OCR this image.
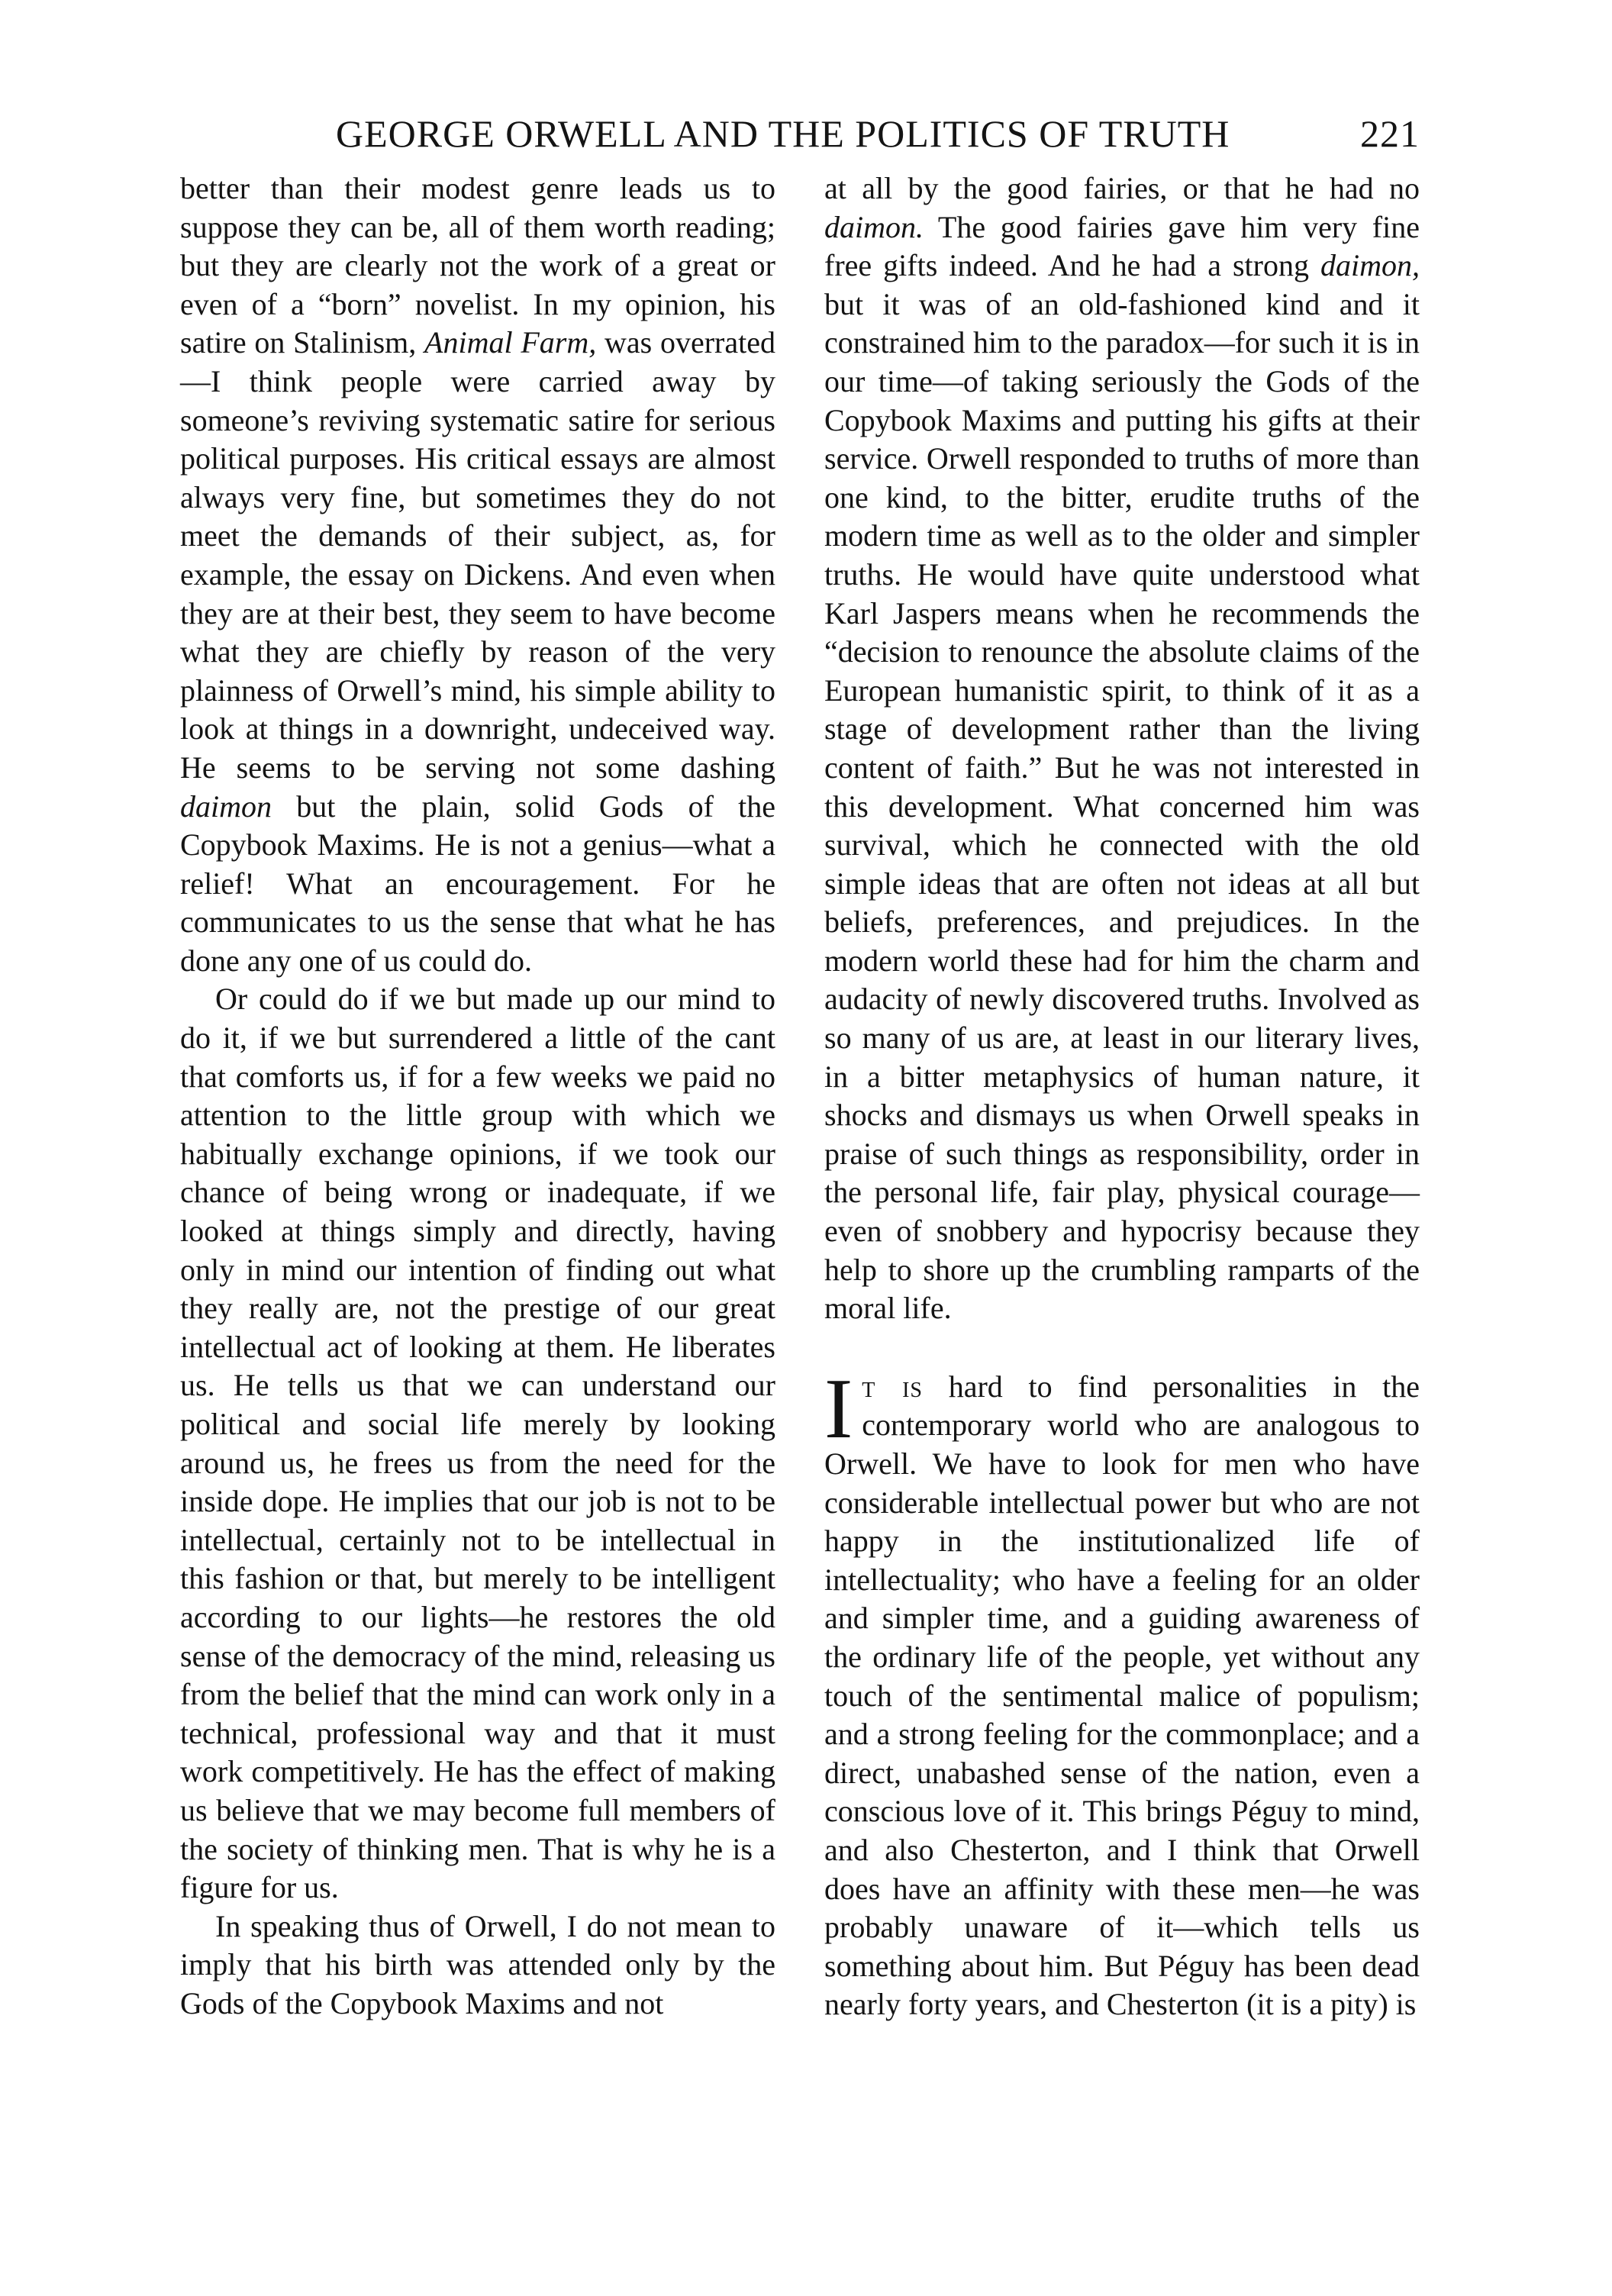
GEORGE ORWELL AND THE POLITICS OF TRUTH	221

better than their modest genre leads us to suppose they can be, all of them worth reading; but they are clearly not the work of a great or even of a “born” novelist. In my opinion, his satire on Stalinism, Animal Farm, was overrated—I think people were carried away by someone’s reviving systematic satire for serious political purposes. His critical essays are almost always very fine, but sometimes they do not meet the demands of their subject, as, for example, the essay on Dickens. And even when they are at their best, they seem to have become what they are chiefly by reason of the very plainness of Orwell’s mind, his simple ability to look at things in a downright, undeceived way. He seems to be serving not some dashing daimon but the plain, solid Gods of the Copybook Maxims. He is not a genius—what a relief! What an encouragement. For he communicates to us the sense that what he has done any one of us could do.

Or could do if we but made up our mind to do it, if we but surrendered a little of the cant that comforts us, if for a few weeks we paid no attention to the little group with which we habitually exchange opinions, if we took our chance of being wrong or inadequate, if we looked at things simply and directly, having only in mind our intention of finding out what they really are, not the prestige of our great intellectual act of looking at them. He liberates us. He tells us that we can understand our political and social life merely by looking around us, he frees us from the need for the inside dope. He implies that our job is not to be intellectual, certainly not to be intellectual in this fashion or that, but merely to be intelligent according to our lights—he restores the old sense of the democracy of the mind, releasing us from the belief that the mind can work only in a technical, professional way and that it must work competitively. He has the effect of making us believe that we may become full members of the society of thinking men. That is why he is a figure for us.

In speaking thus of Orwell, I do not mean to imply that his birth was attended only by the Gods of the Copybook Maxims and not

at all by the good fairies, or that he had no daimon. The good fairies gave him very fine free gifts indeed. And he had a strong daimon, but it was of an old-fashioned kind and it constrained him to the paradox—for such it is in our time—of taking seriously the Gods of the Copybook Maxims and putting his gifts at their service. Orwell responded to truths of more than one kind, to the bitter, erudite truths of the modern time as well as to the older and simpler truths. He would have quite understood what Karl Jaspers means when he recommends the “decision to renounce the absolute claims of the European humanistic spirit, to think of it as a stage of development rather than the living content of faith.” But he was not interested in this development. What concerned him was survival, which he connected with the old simple ideas that are often not ideas at all but beliefs, preferences, and prejudices. In the modern world these had for him the charm and audacity of newly discovered truths. Involved as so many of us are, at least in our literary lives, in a bitter metaphysics of human nature, it shocks and dismays us when Orwell speaks in praise of such things as responsibility, order in the personal life, fair play, physical courage—even of snobbery and hypocrisy because they help to shore up the crumbling ramparts of the moral life.

It is hard to find personalities in the contemporary world who are analogous to Orwell. We have to look for men who have considerable intellectual power but who are not happy in the institutionalized life of intellectuality; who have a feeling for an older and simpler time, and a guiding awareness of the ordinary life of the people, yet without any touch of the sentimental malice of populism; and a strong feeling for the commonplace; and a direct, unabashed sense of the nation, even a conscious love of it. This brings Péguy to mind, and also Chesterton, and I think that Orwell does have an affinity with these men—he was probably unaware of it—which tells us something about him. But Péguy has been dead nearly forty years, and Chesterton (it is a pity) is
